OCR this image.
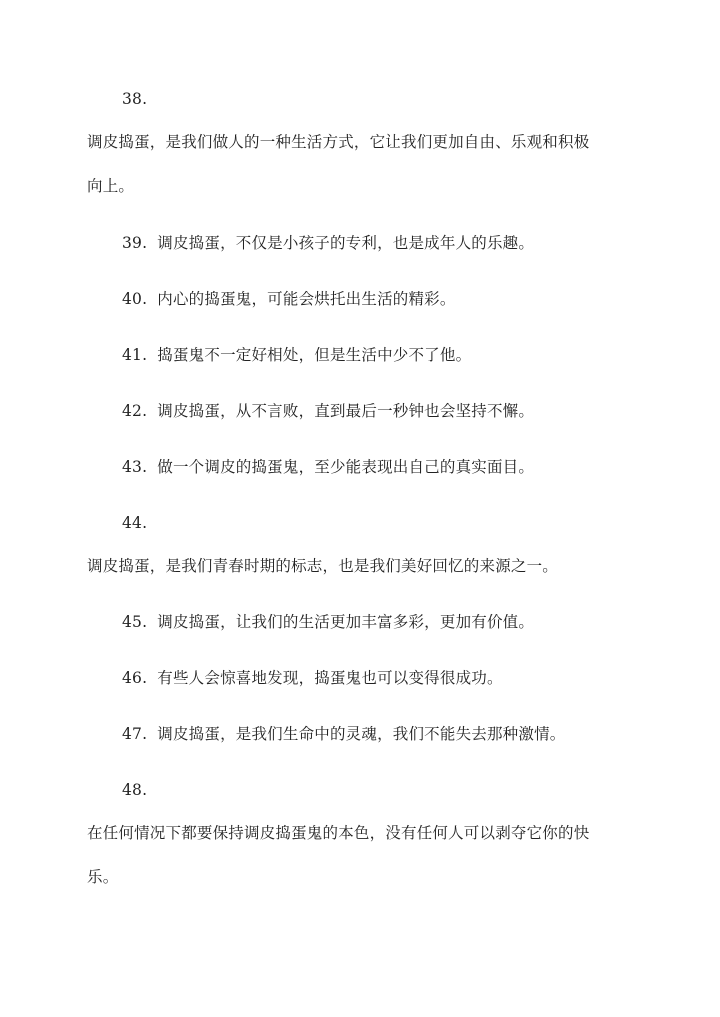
38.
调皮捣蛋，是我们做人的一种生活方式，它让我们更加自由、乐观和积极
向上。
39. 调皮捣蛋，不仅是小孩子的专利，也是成年人的乐趣。
40. 内心的捣蛋鬼，可能会烘托出生活的精彩。
41. 捣蛋鬼不一定好相处，但是生活中少不了他。
42. 调皮捣蛋，从不言败，直到最后一秒钟也会坚持不懈。
43. 做一个调皮的捣蛋鬼，至少能表现出自己的真实面目。
44.
调皮捣蛋，是我们青春时期的标志，也是我们美好回忆的来源之一。
45. 调皮捣蛋，让我们的生活更加丰富多彩，更加有价值。
46. 有些人会惊喜地发现，捣蛋鬼也可以变得很成功。
47. 调皮捣蛋，是我们生命中的灵魂，我们不能失去那种激情。
48.
在任何情况下都要保持调皮捣蛋鬼的本色，没有任何人可以剥夺它你的快
乐。
